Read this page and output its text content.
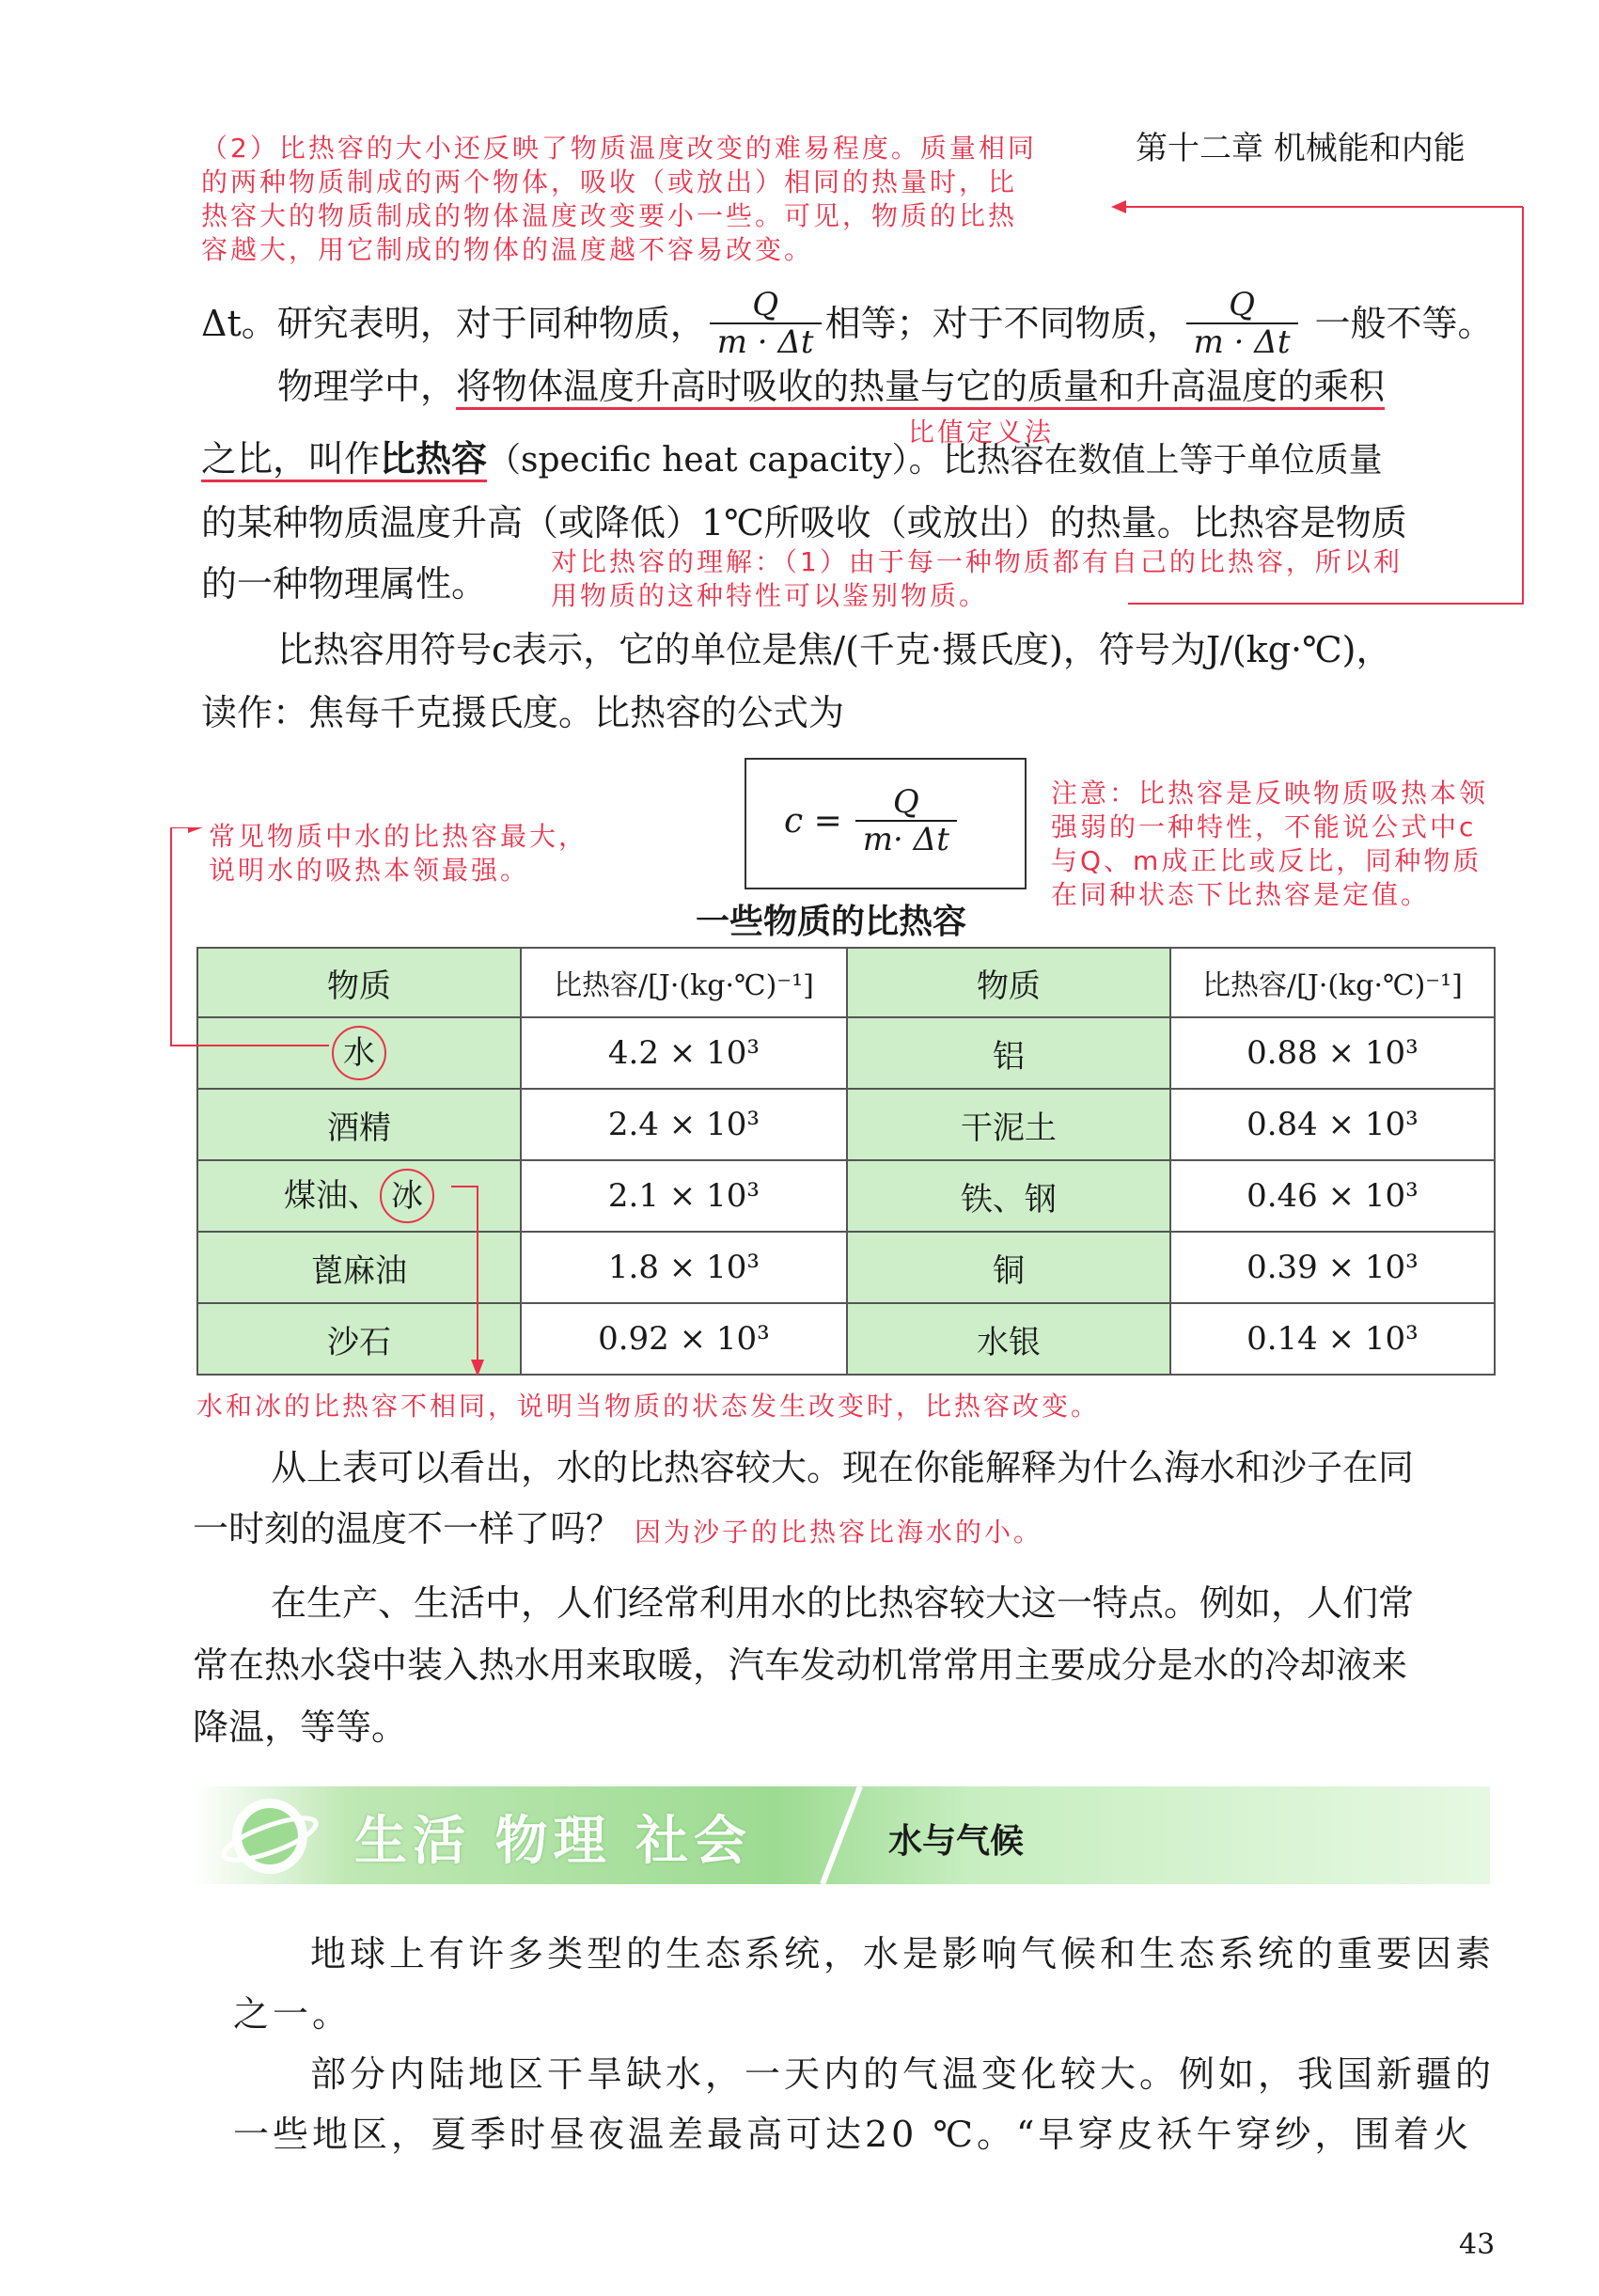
第十二章 机械能和内能
（2）比热容的大小还反映了物质温度改变的难易程度。质量相同
的两种物质制成的两个物体，吸收（或放出）相同的热量时，比
热容大的物质制成的物体温度改变要小一些。可见，物质的比热
容越大，用它制成的物体的温度越不容易改变。
Δt。研究表明，对于同种物质， $\frac{Q}{m \cdot \Delta t}$ 相等；对于不同物质， $\frac{Q}{m \cdot \Delta t}$ 一般不等。
物理学中，将物体温度升高时吸收的热量与它的质量和升高温度的乘积
比值定义法
之比，叫作比热容（specific heat capacity）。比热容在数值上等于单位质量
的某种物质温度升高（或降低）1℃所吸收（或放出）的热量。比热容是物质
的一种物理属性。
对比热容的理解：（1）由于每一种物质都有自己的比热容，所以利
用物质的这种特性可以鉴别物质。
比热容用符号c表示，它的单位是焦/(千克·摄氏度)，符号为J/(kg·℃)，
读作：焦每千克摄氏度。比热容的公式为
$c = \frac{Q}{m\cdot \Delta t}$
常见物质中水的比热容最大，
说明水的吸热本领最强。
注意：比热容是反映物质吸热本领
强弱的一种特性，不能说公式中c
与Q、m成正比或反比，同种物质
在同种状态下比热容是定值。
一些物质的比热容
物质	比热容/[J·(kg·℃)⁻¹]	物质	比热容/[J·(kg·℃)⁻¹]
水	4.2 × 10³	铝	0.88 × 10³
酒精	2.4 × 10³	干泥土	0.84 × 10³
煤油、 冰	2.1 × 10³	铁、钢	0.46 × 10³
蓖麻油	1.8 × 10³	铜	0.39 × 10³
沙石	0.92 × 10³	水银	0.14 × 10³
水和冰的比热容不相同，说明当物质的状态发生改变时，比热容改变。
从上表可以看出，水的比热容较大。现在你能解释为什么海水和沙子在同
一时刻的温度不一样了吗？ 因为沙子的比热容比海水的小。
在生产、生活中，人们经常利用水的比热容较大这一特点。例如，人们常
常在热水袋中装入热水用来取暖，汽车发动机常常用主要成分是水的冷却液来
降温，等等。
生活 物理 社会	水与气候
地球上有许多类型的生态系统，水是影响气候和生态系统的重要因素
之一。
部分内陆地区干旱缺水，一天内的气温变化较大。例如，我国新疆的
一些地区，夏季时昼夜温差最高可达20 ℃。“早穿皮袄午穿纱，围着火
43
